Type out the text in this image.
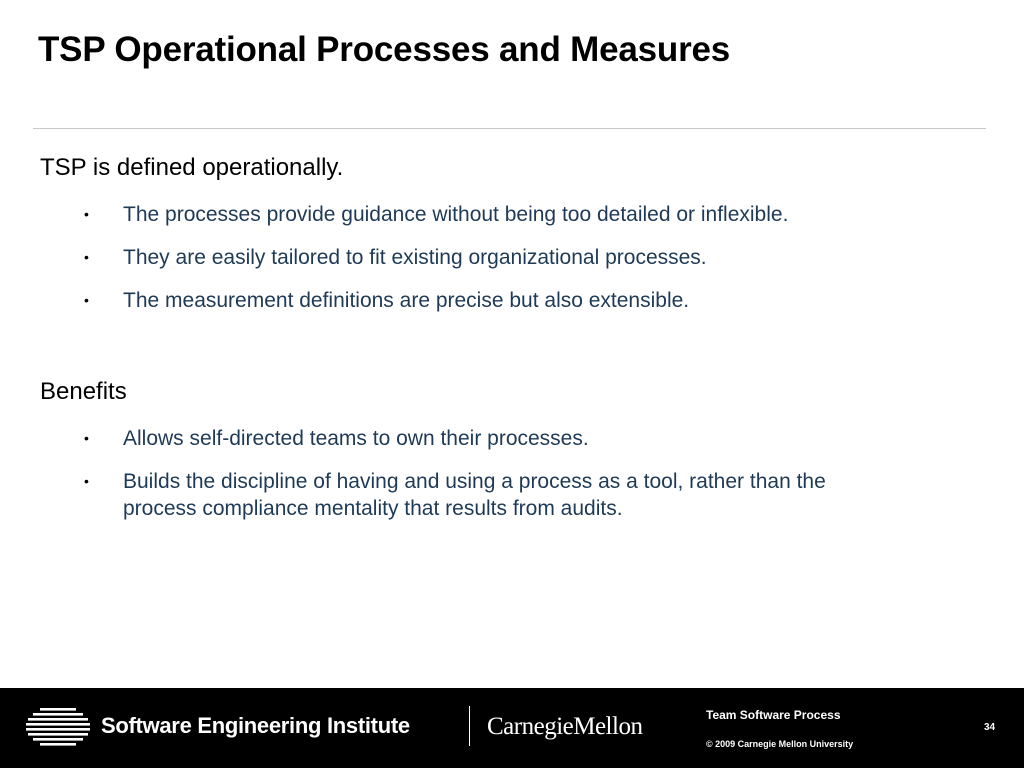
TSP Operational Processes and Measures
TSP is defined operationally.
• The processes provide guidance without being too detailed or inflexible.
• They are easily tailored to fit existing organizational processes.
• The measurement definitions are precise but also extensible.
Benefits
• Allows self-directed teams to own their processes.
• Builds the discipline of having and using a process as a tool, rather than the process compliance mentality that results from audits.
Software Engineering Institute	CarnegieMellon	Team Software Process
© 2009 Carnegie Mellon University
34
